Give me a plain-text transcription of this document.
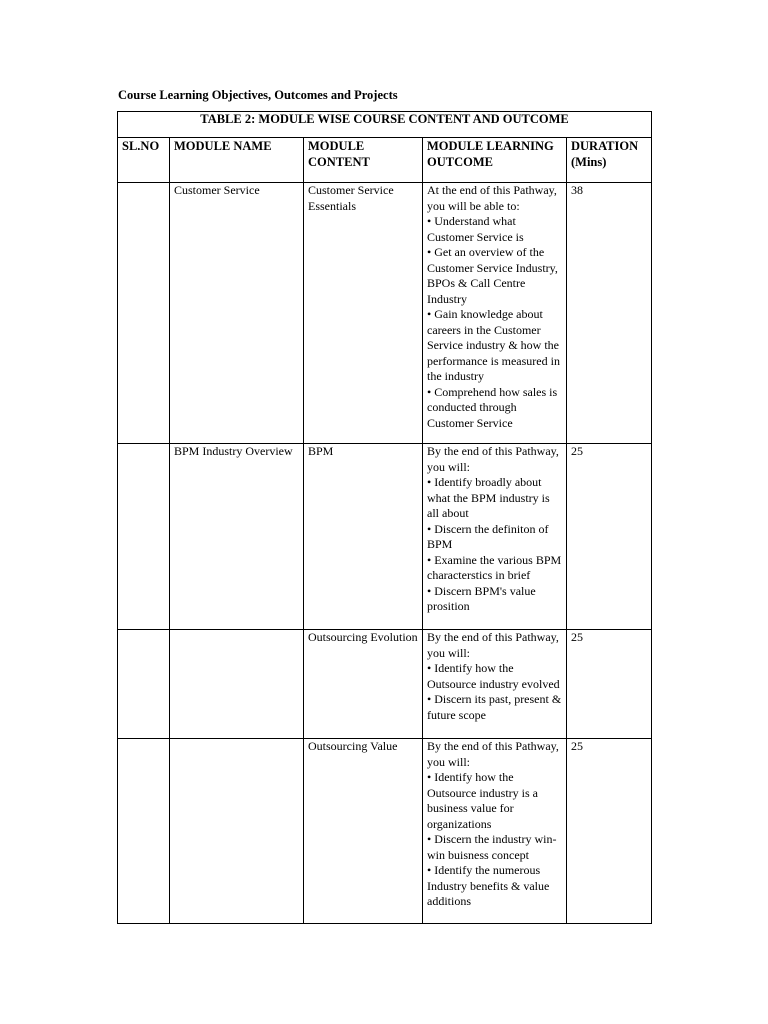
Course Learning Objectives, Outcomes and Projects
TABLE 2: MODULE WISE COURSE CONTENT AND OUTCOME				
SL.NO	MODULE NAME	MODULE CONTENT	MODULE LEARNING OUTCOME	DURATION (Mins)
	Customer Service	Customer Service Essentials	At the end of this Pathway, you will be able to:
• Understand what Customer Service is
• Get an overview of the Customer Service Industry, BPOs & Call Centre Industry
• Gain knowledge about careers in the Customer Service industry & how the performance is measured in the industry
• Comprehend how sales is conducted through Customer Service	38
	BPM Industry Overview	BPM	By the end of this Pathway, you will:
• Identify broadly about what the BPM industry is all about
• Discern the definiton of BPM
• Examine the various BPM characterstics in brief
• Discern BPM's value prosition	25
		Outsourcing Evolution	By the end of this Pathway, you will:
• Identify how the Outsource industry evolved
• Discern its past, present & future scope	25
		Outsourcing Value	By the end of this Pathway, you will:
• Identify how the Outsource industry is a business value for organizations
• Discern the industry win-win buisness concept
• Identify the numerous Industry benefits & value additions	25
